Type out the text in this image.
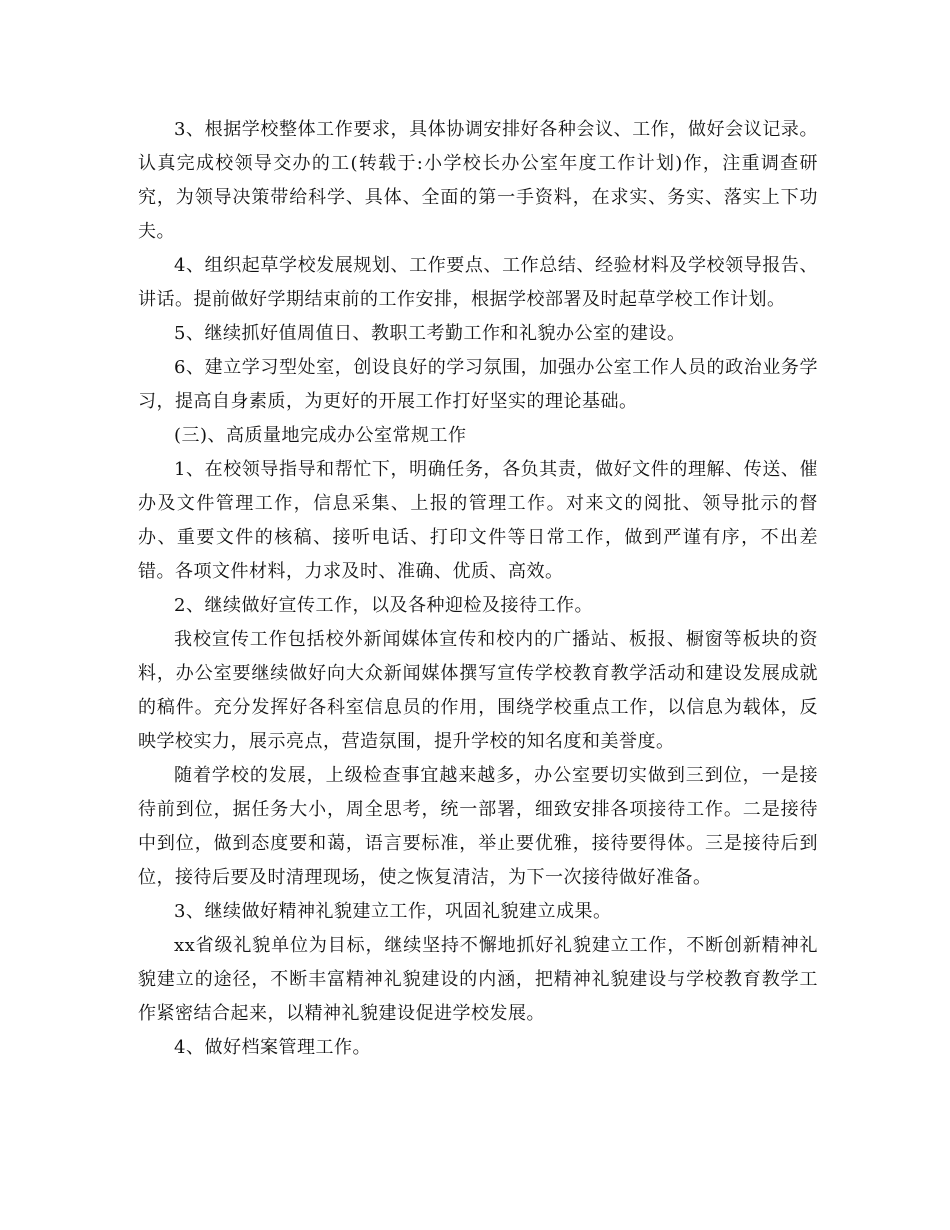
3、根据学校整体工作要求，具体协调安排好各种会议、工作，做好会议记录。认真完成校领导交办的工(转载于:小学校长办公室年度工作计划)作，注重调查研究，为领导决策带给科学、具体、全面的第一手资料，在求实、务实、落实上下功夫。

4、组织起草学校发展规划、工作要点、工作总结、经验材料及学校领导报告、讲话。提前做好学期结束前的工作安排，根据学校部署及时起草学校工作计划。

5、继续抓好值周值日、教职工考勤工作和礼貌办公室的建设。

6、建立学习型处室，创设良好的学习氛围，加强办公室工作人员的政治业务学习，提高自身素质，为更好的开展工作打好坚实的理论基础。

(三)、高质量地完成办公室常规工作

1、在校领导指导和帮忙下，明确任务，各负其责，做好文件的理解、传送、催办及文件管理工作，信息采集、上报的管理工作。对来文的阅批、领导批示的督办、重要文件的核稿、接听电话、打印文件等日常工作，做到严谨有序，不出差错。各项文件材料，力求及时、准确、优质、高效。

2、继续做好宣传工作，以及各种迎检及接待工作。

我校宣传工作包括校外新闻媒体宣传和校内的广播站、板报、橱窗等板块的资料，办公室要继续做好向大众新闻媒体撰写宣传学校教育教学活动和建设发展成就的稿件。充分发挥好各科室信息员的作用，围绕学校重点工作，以信息为载体，反映学校实力，展示亮点，营造氛围，提升学校的知名度和美誉度。

随着学校的发展，上级检查事宜越来越多，办公室要切实做到三到位，一是接待前到位，据任务大小，周全思考，统一部署，细致安排各项接待工作。二是接待中到位，做到态度要和蔼，语言要标准，举止要优雅，接待要得体。三是接待后到位，接待后要及时清理现场，使之恢复清洁，为下一次接待做好准备。

3、继续做好精神礼貌建立工作，巩固礼貌建立成果。

xx省级礼貌单位为目标，继续坚持不懈地抓好礼貌建立工作，不断创新精神礼貌建立的途径，不断丰富精神礼貌建设的内涵，把精神礼貌建设与学校教育教学工作紧密结合起来，以精神礼貌建设促进学校发展。

4、做好档案管理工作。
